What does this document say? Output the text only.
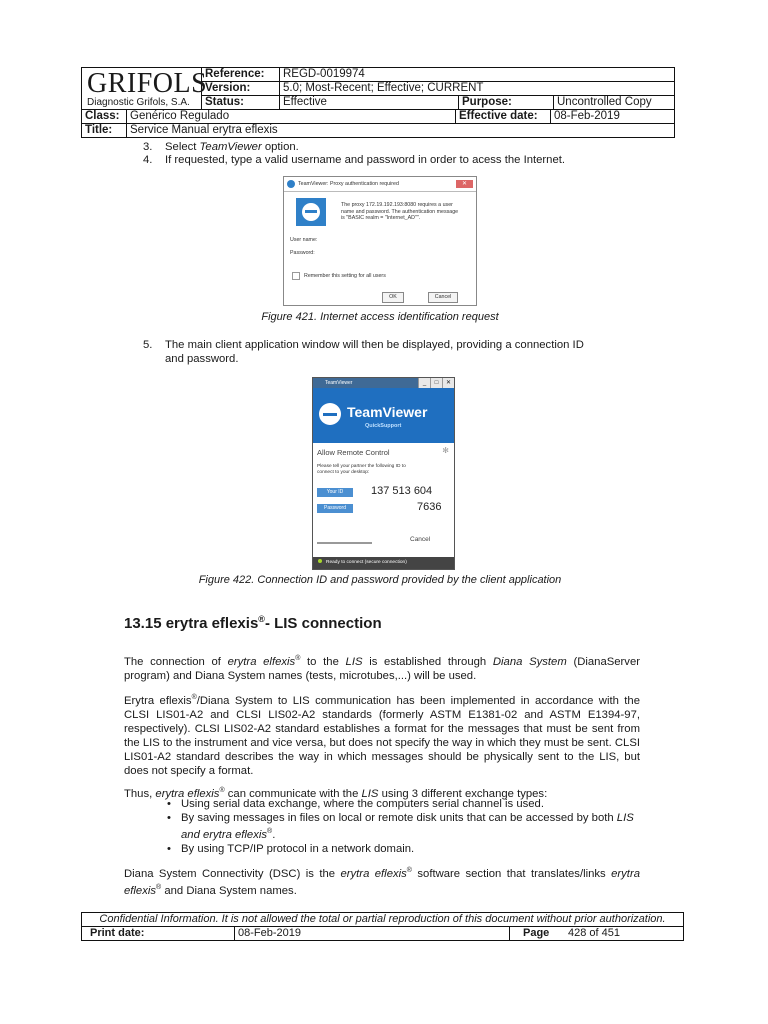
GRIFOLS
Diagnostic Grifols, S.A.
Reference:	REGD-0019974
Version:	5.0; Most-Recent; Effective; CURRENT
Status:	Effective	Purpose:	Uncontrolled Copy
Class: Genérico Regulado	Effective date:	08-Feb-2019
Title:	Service Manual erytra eflexis
3. Select TeamViewer option.
4. If requested, type a valid username and password in order to acess the Internet.
TeamViewer: Proxy authentication required	✕
The proxy 172.19.192.193:8080 requires a user name and password. The authentication message is "BASIC realm = "Internet_AD"".
User name:
Password:
Remember this setting for all users
OK	Cancel
Figure 421. Internet access identification request
5. The main client application window will then be displayed, providing a connection ID
and password.
TeamViewer	_	□	✕
TeamViewer
QuickSupport
Allow Remote Control	✻
Please tell your partner the following ID to connect to your desktop:
Your ID
Password
137 513 604
7636
Cancel
Ready to connect (secure connection)
Figure 422. Connection ID and password provided by the client application
13.15 erytra eflexis®- LIS connection
The connection of erytra elfexis® to the LIS is established through Diana System (DianaServer program) and Diana System names (tests, microtubes,...) will be used.
Erytra eflexis®/Diana System to LIS communication has been implemented in accordance with the CLSI LIS01-A2 and CLSI LIS02-A2 standards (formerly ASTM E1381-02 and ASTM E1394-97, respectively). CLSI LIS02-A2 standard establishes a format for the messages that must be sent from the LIS to the instrument and vice versa, but does not specify the way in which they must be sent. CLSI LIS01-A2 standard describes the way in which messages should be physically sent to the LIS, but does not specify a format.
Thus, erytra eflexis® can communicate with the LIS using 3 different exchange types:
• Using serial data exchange, where the computers serial channel is used.
• By saving messages in files on local or remote disk units that can be accessed by both LIS and erytra eflexis®.
• By using TCP/IP protocol in a network domain.
Diana System Connectivity (DSC) is the erytra eflexis® software section that translates/links erytra eflexis® and Diana System names.
Confidential Information. It is not allowed the total or partial reproduction of this document without prior authorization.
Print date:	08-Feb-2019	Page	428 of 451
